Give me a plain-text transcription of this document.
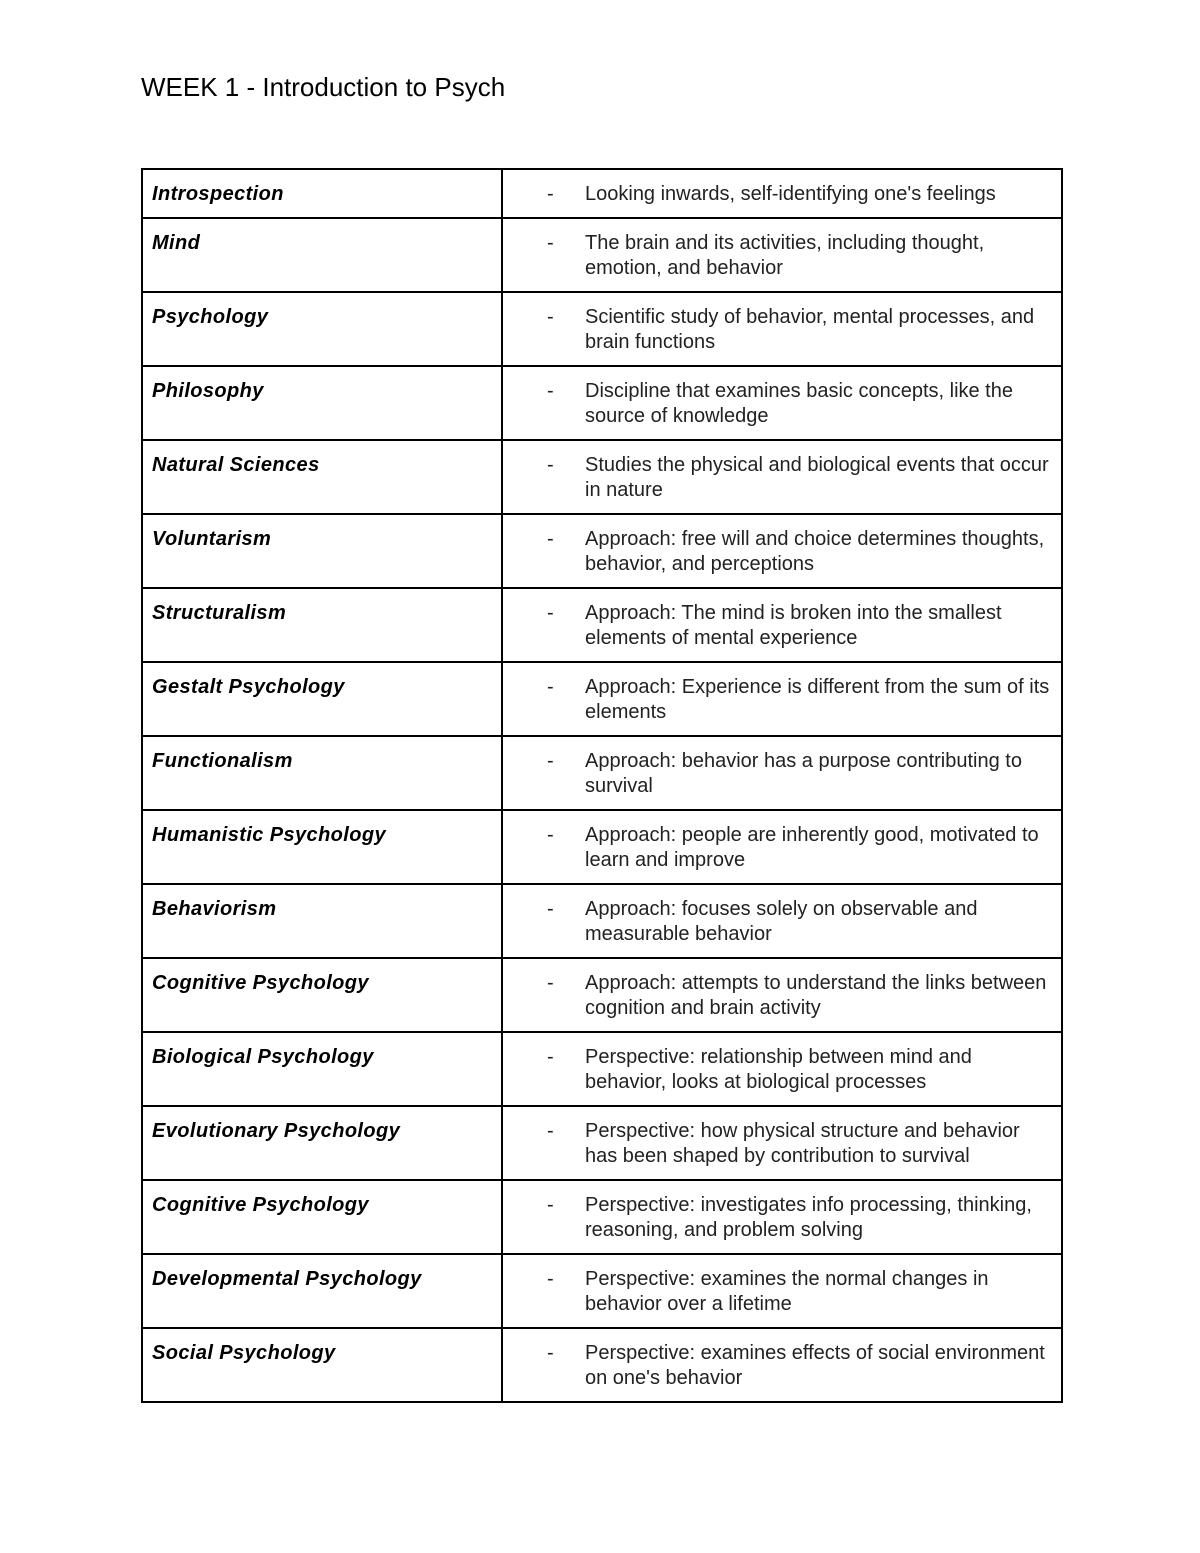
WEEK 1 - Introduction to Psych
Introspection	- Looking inwards, self-identifying one's feelings

Mind	- The brain and its activities, including thought, emotion, and behavior

Psychology	- Scientific study of behavior, mental processes, and brain functions

Philosophy	- Discipline that examines basic concepts, like the source of knowledge

Natural Sciences	- Studies the physical and biological events that occur in nature

Voluntarism	- Approach: free will and choice determines thoughts, behavior, and perceptions

Structuralism	- Approach: The mind is broken into the smallest elements of mental experience

Gestalt Psychology	- Approach: Experience is different from the sum of its elements

Functionalism	- Approach: behavior has a purpose contributing to survival

Humanistic Psychology	- Approach: people are inherently good, motivated to learn and improve

Behaviorism	- Approach: focuses solely on observable and measurable behavior

Cognitive Psychology	- Approach: attempts to understand the links between cognition and brain activity

Biological Psychology	- Perspective: relationship between mind and behavior, looks at biological processes

Evolutionary Psychology	- Perspective: how physical structure and behavior has been shaped by contribution to survival

Cognitive Psychology	- Perspective: investigates info processing, thinking, reasoning, and problem solving

Developmental Psychology	- Perspective: examines the normal changes in behavior over a lifetime

Social Psychology	- Perspective: examines effects of social environment on one's behavior
